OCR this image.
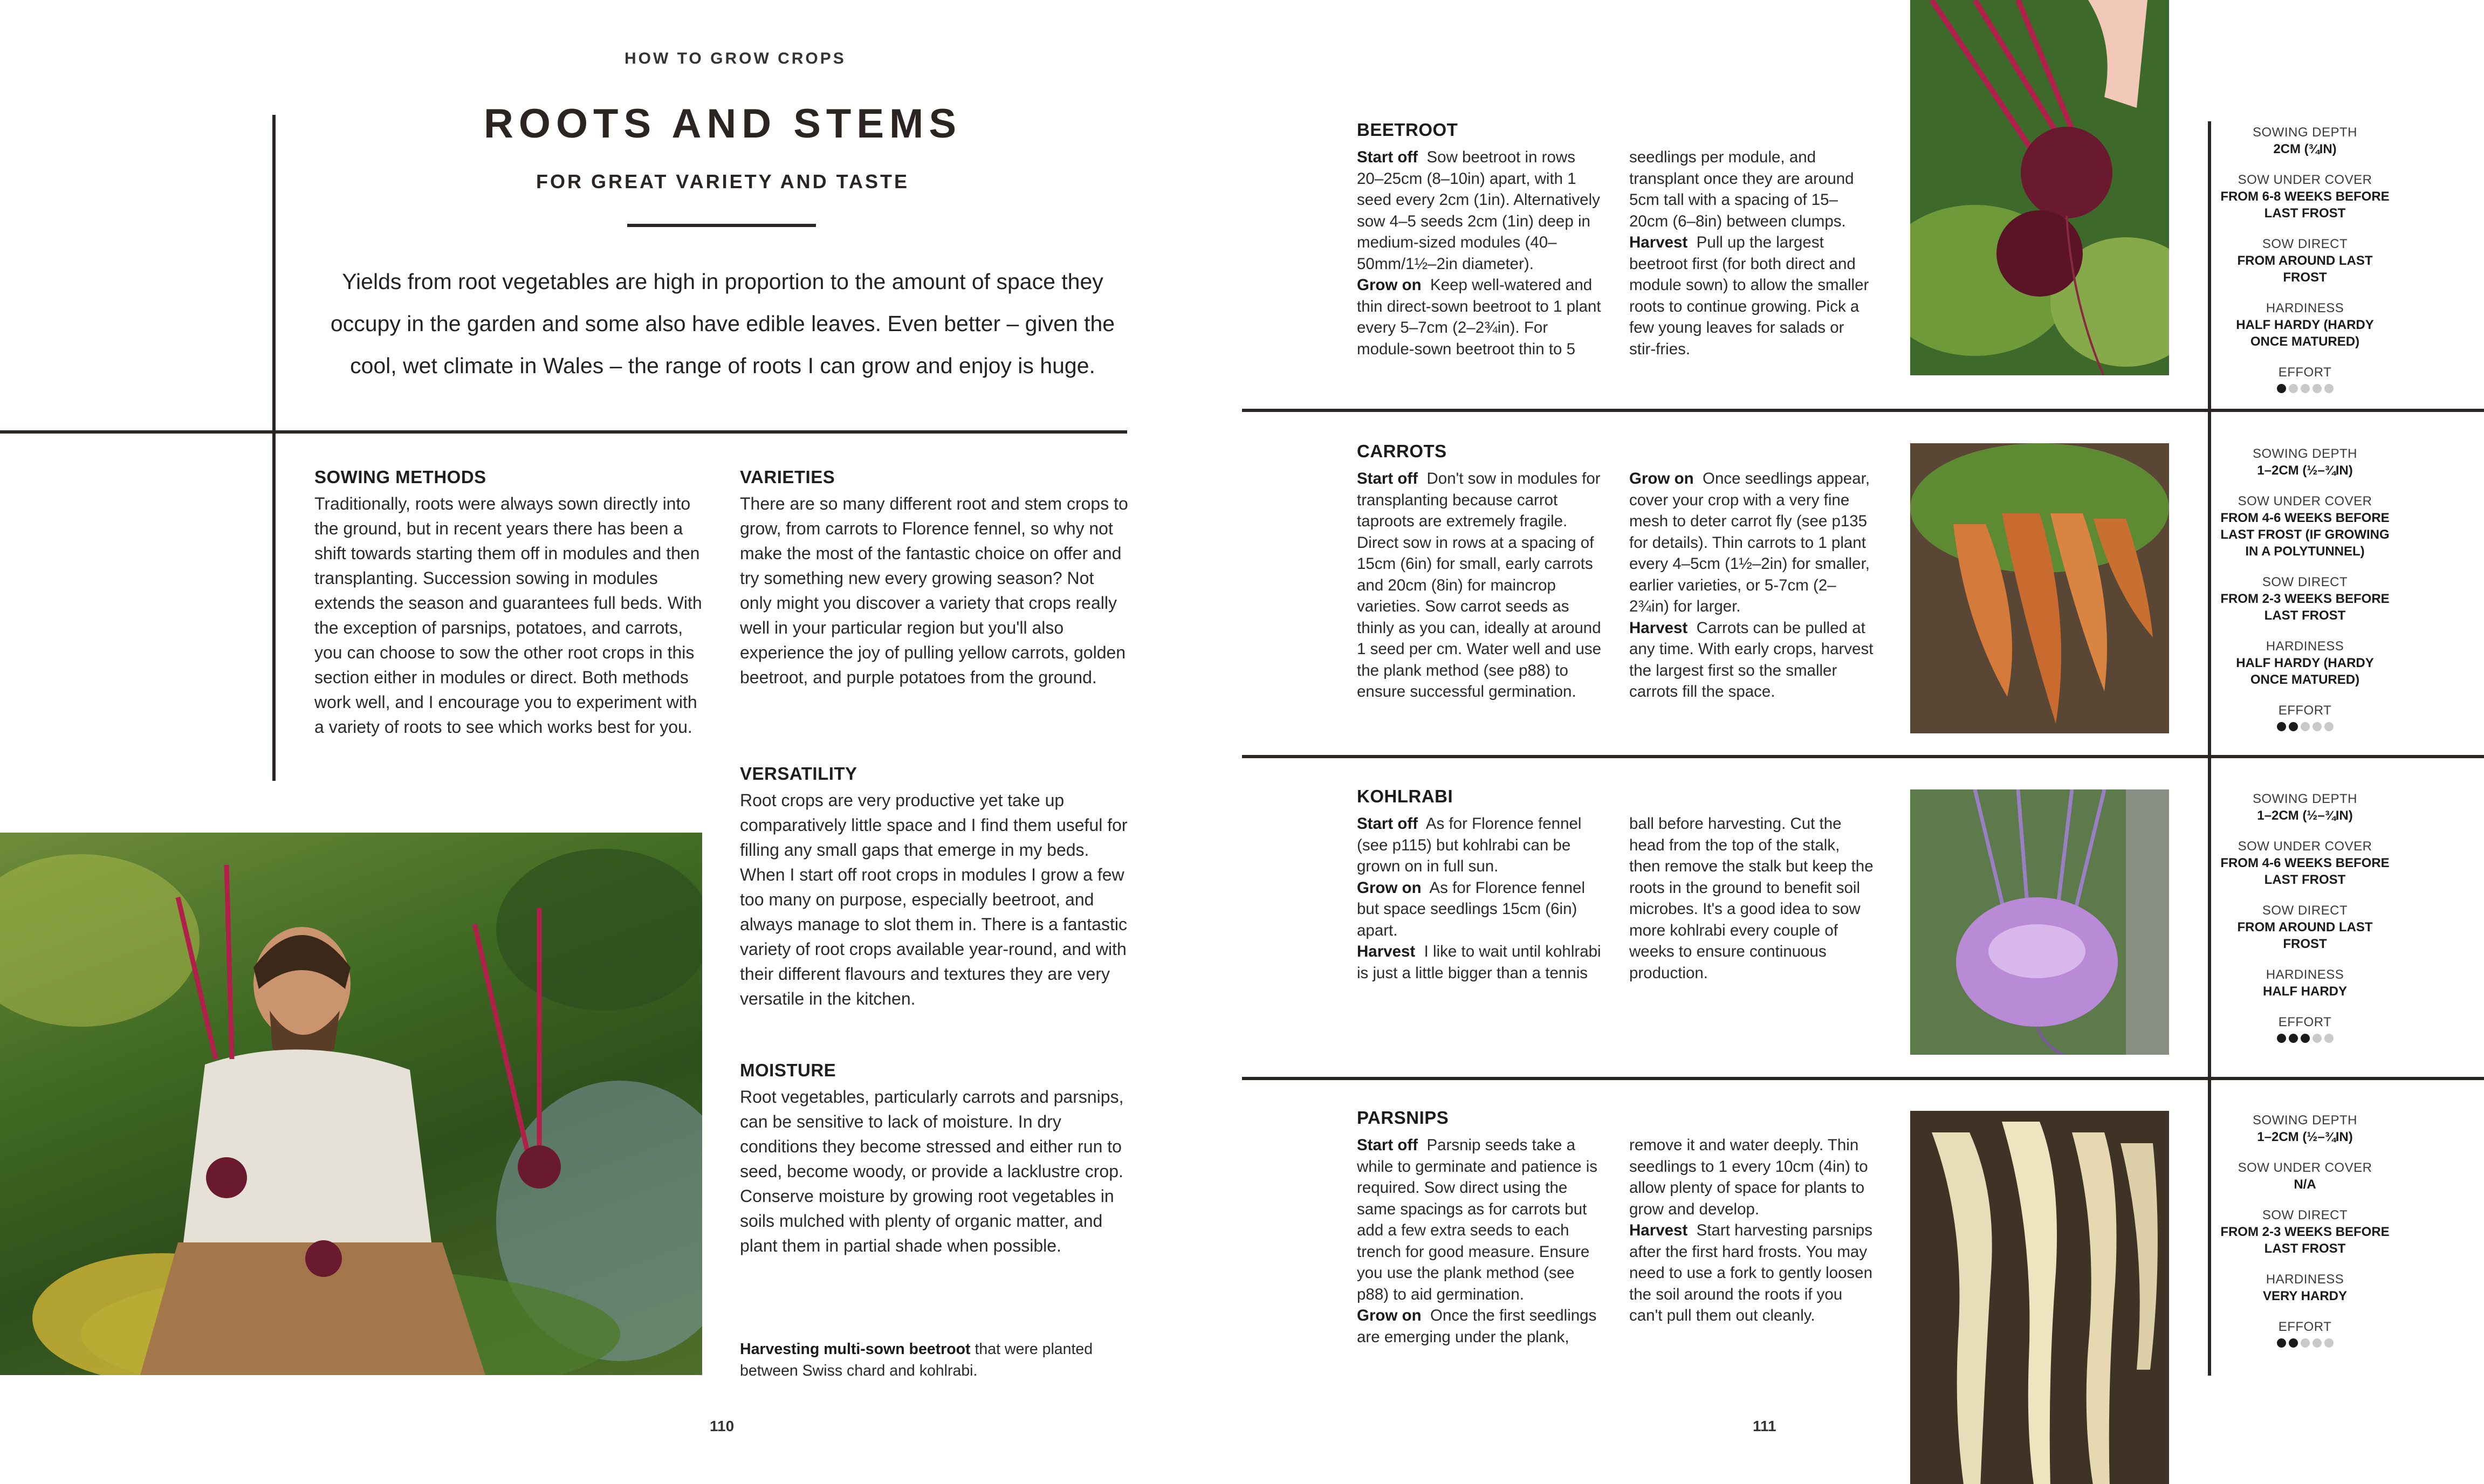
HOW TO GROW CROPS
ROOTS AND STEMS
FOR GREAT VARIETY AND TASTE
Yields from root vegetables are high in proportion to the amount of space they occupy in the garden and some also have edible leaves. Even better – given the cool, wet climate in Wales – the range of roots I can grow and enjoy is huge.
SOWING METHODS
Traditionally, roots were always sown directly into the ground, but in recent years there has been a shift towards starting them off in modules and then transplanting. Succession sowing in modules extends the season and guarantees full beds. With the exception of parsnips, potatoes, and carrots, you can choose to sow the other root crops in this section either in modules or direct. Both methods work well, and I encourage you to experiment with a variety of roots to see which works best for you.
VARIETIES
There are so many different root and stem crops to grow, from carrots to Florence fennel, so why not make the most of the fantastic choice on offer and try something new every growing season? Not only might you discover a variety that crops really well in your particular region but you'll also experience the joy of pulling yellow carrots, golden beetroot, and purple potatoes from the ground.
VERSATILITY
Root crops are very productive yet take up comparatively little space and I find them useful for filling any small gaps that emerge in my beds. When I start off root crops in modules I grow a few too many on purpose, especially beetroot, and always manage to slot them in. There is a fantastic variety of root crops available year-round, and with their different flavours and textures they are very versatile in the kitchen.
MOISTURE
Root vegetables, particularly carrots and parsnips, can be sensitive to lack of moisture. In dry conditions they become stressed and either run to seed, become woody, or provide a lacklustre crop. Conserve moisture by growing root vegetables in soils mulched with plenty of organic matter, and plant them in partial shade when possible.
Harvesting multi-sown beetroot that were planted between Swiss chard and kohlrabi.
110
BEETROOT
Start off Sow beetroot in rows 20–25cm (8–10in) apart, with 1 seed every 2cm (1in). Alternatively sow 4–5 seeds 2cm (1in) deep in medium-sized modules (40–50mm/1½–2in diameter).
Grow on Keep well-watered and thin direct-sown beetroot to 1 plant every 5–7cm (2–2¾in). For module-sown beetroot thin to 5 seedlings per module, and transplant once they are around 5cm tall with a spacing of 15–20cm (6–8in) between clumps.
Harvest Pull up the largest beetroot first (for both direct and module sown) to allow the smaller roots to continue growing. Pick a few young leaves for salads or stir-fries.
SOWING DEPTH
2CM (¾IN)
SOW UNDER COVER
FROM 6-8 WEEKS BEFORE LAST FROST
SOW DIRECT
FROM AROUND LAST FROST
HARDINESS
HALF HARDY (HARDY ONCE MATURED)
EFFORT
CARROTS
Start off Don't sow in modules for transplanting because carrot taproots are extremely fragile. Direct sow in rows at a spacing of 15cm (6in) for small, early carrots and 20cm (8in) for maincrop varieties. Sow carrot seeds as thinly as you can, ideally at around 1 seed per cm. Water well and use the plank method (see p88) to ensure successful germination.
Grow on Once seedlings appear, cover your crop with a very fine mesh to deter carrot fly (see p135 for details). Thin carrots to 1 plant every 4–5cm (1½–2in) for smaller, earlier varieties, or 5-7cm (2–2¾in) for larger.
Harvest Carrots can be pulled at any time. With early crops, harvest the largest first so the smaller carrots fill the space.
SOWING DEPTH
1–2CM (½–¾IN)
SOW UNDER COVER
FROM 4-6 WEEKS BEFORE LAST FROST (IF GROWING IN A POLYTUNNEL)
SOW DIRECT
FROM 2-3 WEEKS BEFORE LAST FROST
HARDINESS
HALF HARDY (HARDY ONCE MATURED)
EFFORT
KOHLRABI
Start off As for Florence fennel (see p115) but kohlrabi can be grown on in full sun.
Grow on As for Florence fennel but space seedlings 15cm (6in) apart.
Harvest I like to wait until kohlrabi is just a little bigger than a tennis ball before harvesting. Cut the head from the top of the stalk, then remove the stalk but keep the roots in the ground to benefit soil microbes. It's a good idea to sow more kohlrabi every couple of weeks to ensure continuous production.
SOWING DEPTH
1–2CM (½–¾IN)
SOW UNDER COVER
FROM 4-6 WEEKS BEFORE LAST FROST
SOW DIRECT
FROM AROUND LAST FROST
HARDINESS
HALF HARDY
EFFORT
PARSNIPS
Start off Parsnip seeds take a while to germinate and patience is required. Sow direct using the same spacings as for carrots but add a few extra seeds to each trench for good measure. Ensure you use the plank method (see p88) to aid germination.
Grow on Once the first seedlings are emerging under the plank, remove it and water deeply. Thin seedlings to 1 every 10cm (4in) to allow plenty of space for plants to grow and develop.
Harvest Start harvesting parsnips after the first hard frosts. You may need to use a fork to gently loosen the soil around the roots if you can't pull them out cleanly.
SOWING DEPTH
1–2CM (½–¾IN)
SOW UNDER COVER
N/A
SOW DIRECT
FROM 2-3 WEEKS BEFORE LAST FROST
HARDINESS
VERY HARDY
EFFORT
111
